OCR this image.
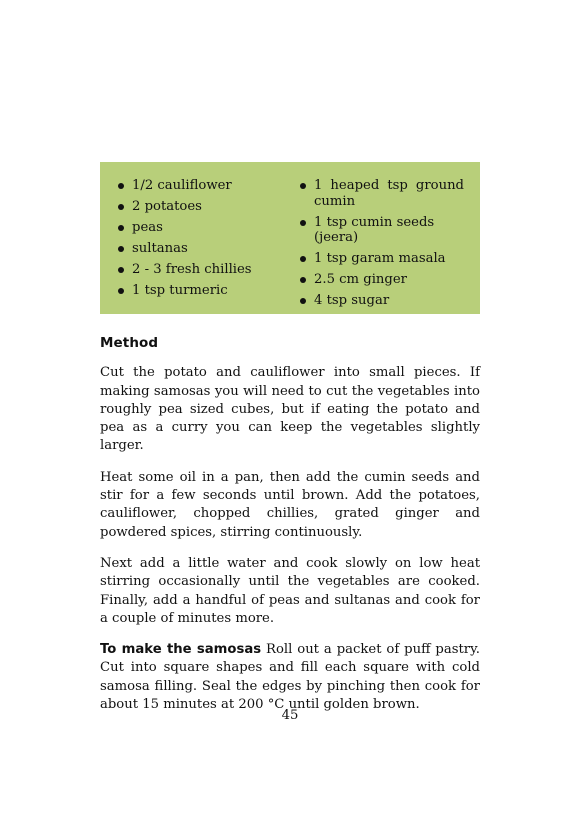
1/2 cauliflower
2 potatoes
peas
sultanas
2 - 3 fresh chillies
1 tsp turmeric
1 heaped tsp ground cumin
1 tsp cumin seeds (jeera)
1 tsp garam masala
2.5 cm ginger
4 tsp sugar
Method

Cut the potato and cauliflower into small pieces. If making samosas you will need to cut the vegetables into roughly pea sized cubes, but if eating the potato and pea as a curry you can keep the vegetables slightly larger.

Heat some oil in a pan, then add the cumin seeds and stir for a few seconds until brown. Add the potatoes, cauliflower, chopped chillies, grated ginger and powdered spices, stirring continuously.

Next add a little water and cook slowly on low heat stirring occasionally until the vegetables are cooked. Finally, add a handful of peas and sultanas and cook for a couple of minutes more.

To make the samosas Roll out a packet of puff pastry. Cut into square shapes and fill each square with cold samosa filling. Seal the edges by pinching then cook for about 15 minutes at 200 °C until golden brown.

45
